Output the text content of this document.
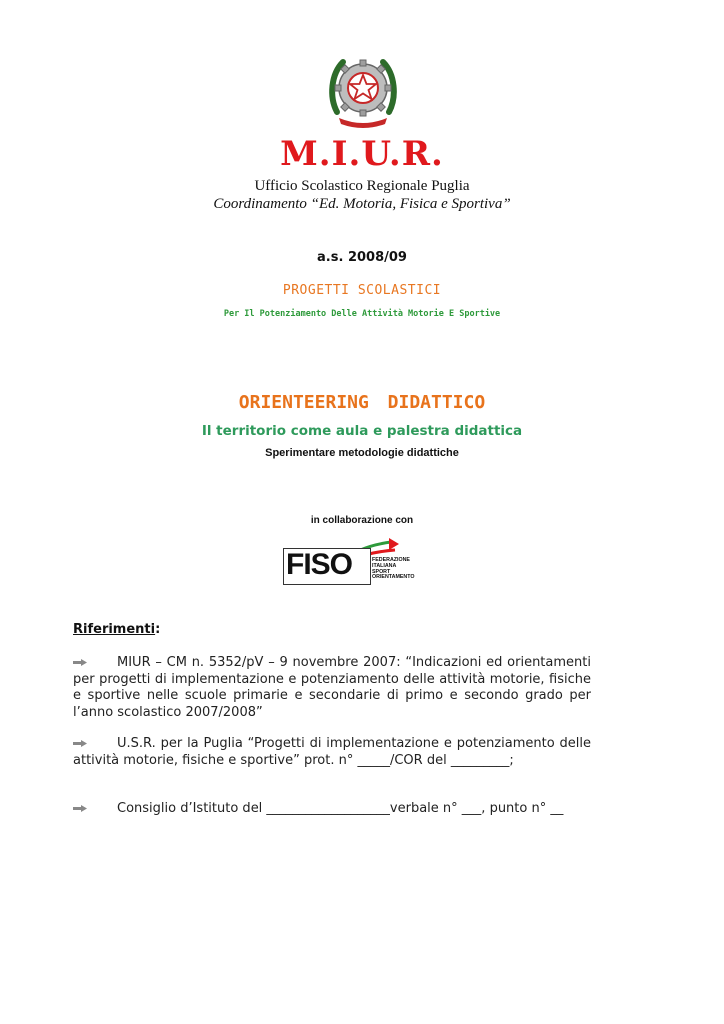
M.I.U.R.
Ufficio Scolastico Regionale Puglia
Coordinamento “Ed. Motoria, Fisica e Sportiva”
a.s. 2008/09
PROGETTI SCOLASTICI
Per Il Potenziamento Delle Attività Motorie E Sportive
ORIENTEERING DIDATTICO
Il territorio come aula e palestra didattica
Sperimentare metodologie didattiche
in collaborazione con
FISO	FEDERAZIONE
ITALIANA
SPORT
ORIENTAMENTO
Riferimenti:
MIUR – CM n. 5352/pV – 9 novembre 2007: “Indicazioni ed orientamenti per progetti di implementazione e potenziamento delle attività motorie, fisiche e sportive nelle scuole primarie e secondarie di primo e secondo grado per l’anno scolastico 2007/2008”
U.S.R. per la Puglia “Progetti di implementazione e potenziamento delle attività motorie, fisiche e sportive” prot. n° _____/COR del _________;
Consiglio d’Istituto del ___________________verbale n° ___, punto n° __
